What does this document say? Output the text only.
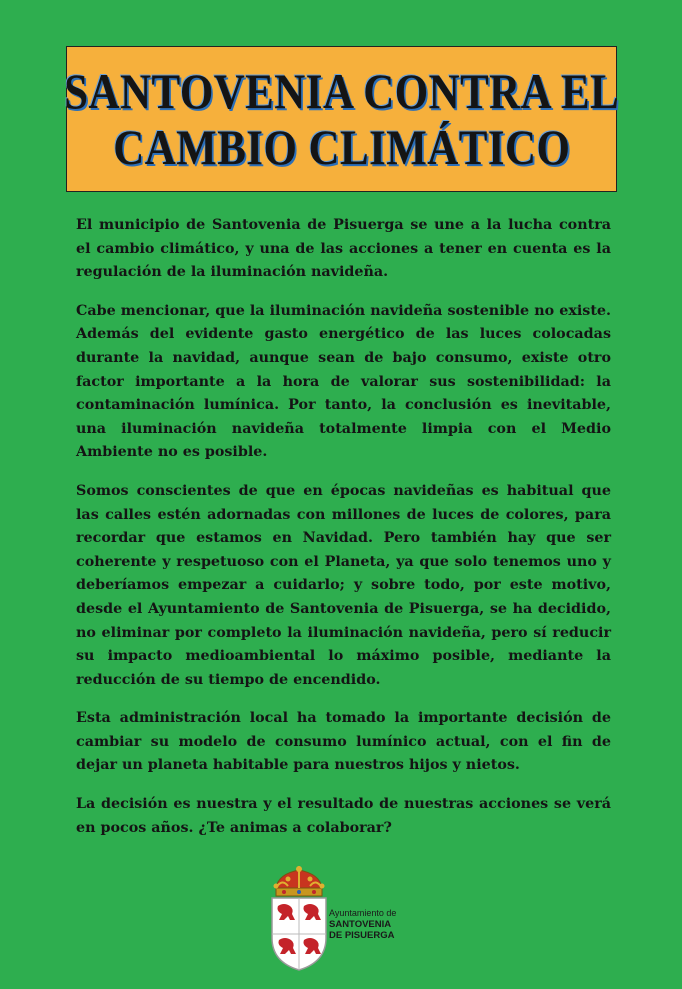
SANTOVENIA CONTRA EL
CAMBIO CLIMÁTICO

El municipio de Santovenia de Pisuerga se une a la lucha contra el cambio climático, y una de las acciones a tener en cuenta es la regulación de la iluminación navideña.

Cabe mencionar, que la iluminación navideña sostenible no existe. Además del evidente gasto energético de las luces colocadas durante la navidad, aunque sean de bajo consumo, existe otro factor importante a la hora de valorar sus sostenibilidad: la contaminación lumínica. Por tanto, la conclusión es inevitable, una iluminación navideña totalmente limpia con el Medio Ambiente no es posible.

Somos conscientes de que en épocas navideñas es habitual que las calles estén adornadas con millones de luces de colores, para recordar que estamos en Navidad. Pero también hay que ser coherente y respetuoso con el Planeta, ya que solo tenemos uno y deberíamos empezar a cuidarlo; y sobre todo, por este motivo, desde el Ayuntamiento de Santovenia de Pisuerga, se ha decidido, no eliminar por completo la iluminación navideña, pero sí reducir su impacto medioambiental lo máximo posible, mediante la reducción de su tiempo de encendido.

Esta administración local ha tomado la importante decisión de cambiar su modelo de consumo lumínico actual, con el fin de dejar un planeta habitable para nuestros hijos y nietos.

La decisión es nuestra y el resultado de nuestras acciones se verá en pocos años. ¿Te animas a colaborar?

Ayuntamiento de
SANTOVENIA
DE PISUERGA
